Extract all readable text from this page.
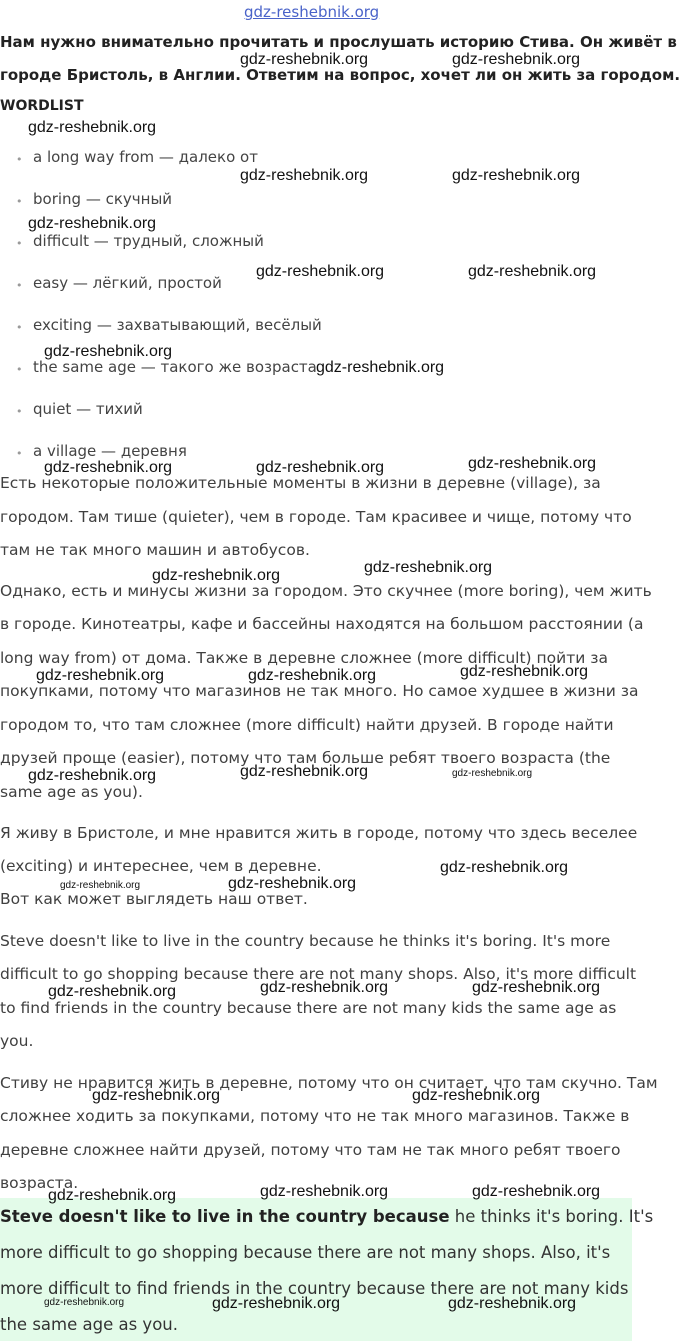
gdz-reshebnik.org

Нам нужно внимательно прочитать и прослушать историю Стива. Он живёт в

городе Бристоль, в Англии. Ответим на вопрос, хочет ли он жить за городом.

WORDLIST

• a long way from — далеко от

• boring — скучный

• difficult — трудный, сложный

• easy — лёгкий, простой

• exciting — захватывающий, весёлый

• the same age — такого же возраста

• quiet — тихий

• a village — деревня

Есть некоторые положительные моменты в жизни в деревне (village), за

городом. Там тише (quieter), чем в городе. Там красивее и чище, потому что

там не так много машин и автобусов.

Однако, есть и минусы жизни за городом. Это скучнее (more boring), чем жить

в городе. Кинотеатры, кафе и бассейны находятся на большом расстоянии (a

long way from) от дома. Также в деревне сложнее (more difficult) пойти за

покупками, потому что магазинов не так много. Но самое худшее в жизни за

городом то, что там сложнее (more difficult) найти друзей. В городе найти

друзей проще (easier), потому что там больше ребят твоего возраста (the

same age as you).

Я живу в Бристоле, и мне нравится жить в городе, потому что здесь веселее

(exciting) и интереснее, чем в деревне.

Вот как может выглядеть наш ответ.

Steve doesn't like to live in the country because he thinks it's boring. It's more

difficult to go shopping because there are not many shops. Also, it's more difficult

to find friends in the country because there are not many kids the same age as

you.

Стиву не нравится жить в деревне, потому что он считает, что там скучно. Там

сложнее ходить за покупками, потому что не так много магазинов. Также в

деревне сложнее найти друзей, потому что там не так много ребят твоего

возраста.

Steve doesn't like to live in the country because he thinks it's boring. It's

more difficult to go shopping because there are not many shops. Also, it's

more difficult to find friends in the country because there are not many kids

the same age as you.

gdz-reshebnik.org
gdz-reshebnik.org	gdz-reshebnik.org
gdz-reshebnik.org	gdz-reshebnik.org
gdz-reshebnik.org
gdz-reshebnik.org	gdz-reshebnik.org
gdz-reshebnik.org
gdz-reshebnik.org
gdz-reshebnik.org	gdz-reshebnik.org	gdz-reshebnik.org
gdz-reshebnik.org
gdz-reshebnik.org
gdz-reshebnik.org
gdz-reshebnik.org	gdz-reshebnik.org
gdz-reshebnik.org
gdz-reshebnik.org	gdz-reshebnik.org
gdz-reshebnik.org
gdz-reshebnik.org	gdz-reshebnik.org
gdz-reshebnik.org	gdz-reshebnik.org
gdz-reshebnik.org
gdz-reshebnik.org	gdz-reshebnik.org
gdz-reshebnik.org	gdz-reshebnik.org
gdz-reshebnik.org
gdz-reshebnik.org	gdz-reshebnik.org	gdz-reshebnik.org
